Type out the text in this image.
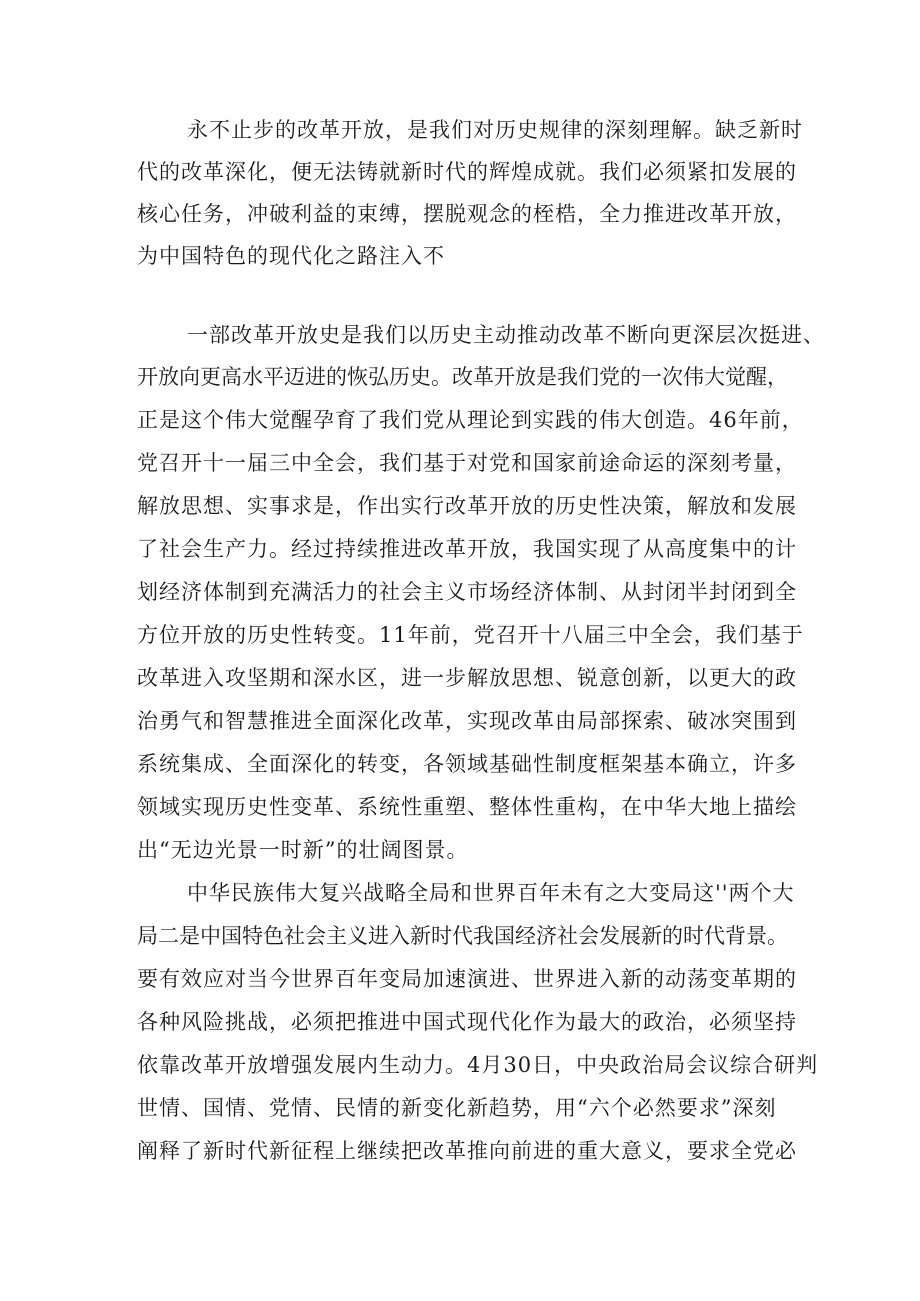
永不止步的改革开放，是我们对历史规律的深刻理解。缺乏新时
代的改革深化，便无法铸就新时代的辉煌成就。我们必须紧扣发展的
核心任务，冲破利益的束缚，摆脱观念的桎梏，全力推进改革开放，
为中国特色的现代化之路注入不
一部改革开放史是我们以历史主动推动改革不断向更深层次挺进、
开放向更高水平迈进的恢弘历史。改革开放是我们党的一次伟大觉醒，
正是这个伟大觉醒孕育了我们党从理论到实践的伟大创造。46年前，
党召开十一届三中全会，我们基于对党和国家前途命运的深刻考量，
解放思想、实事求是，作出实行改革开放的历史性决策，解放和发展
了社会生产力。经过持续推进改革开放，我国实现了从高度集中的计
划经济体制到充满活力的社会主义市场经济体制、从封闭半封闭到全
方位开放的历史性转变。11年前，党召开十八届三中全会，我们基于
改革进入攻坚期和深水区，进一步解放思想、锐意创新，以更大的政
治勇气和智慧推进全面深化改革，实现改革由局部探索、破冰突围到
系统集成、全面深化的转变，各领域基础性制度框架基本确立，许多
领域实现历史性变革、系统性重塑、整体性重构，在中华大地上描绘
出“无边光景一时新”的壮阔图景。
中华民族伟大复兴战略全局和世界百年未有之大变局这''两个大
局二是中国特色社会主义进入新时代我国经济社会发展新的时代背景。
要有效应对当今世界百年变局加速演进、世界进入新的动荡变革期的
各种风险挑战，必须把推进中国式现代化作为最大的政治，必须坚持
依靠改革开放增强发展内生动力。4月30日，中央政治局会议综合研判
世情、国情、党情、民情的新变化新趋势，用“六个必然要求”深刻
阐释了新时代新征程上继续把改革推向前进的重大意义，要求全党必
